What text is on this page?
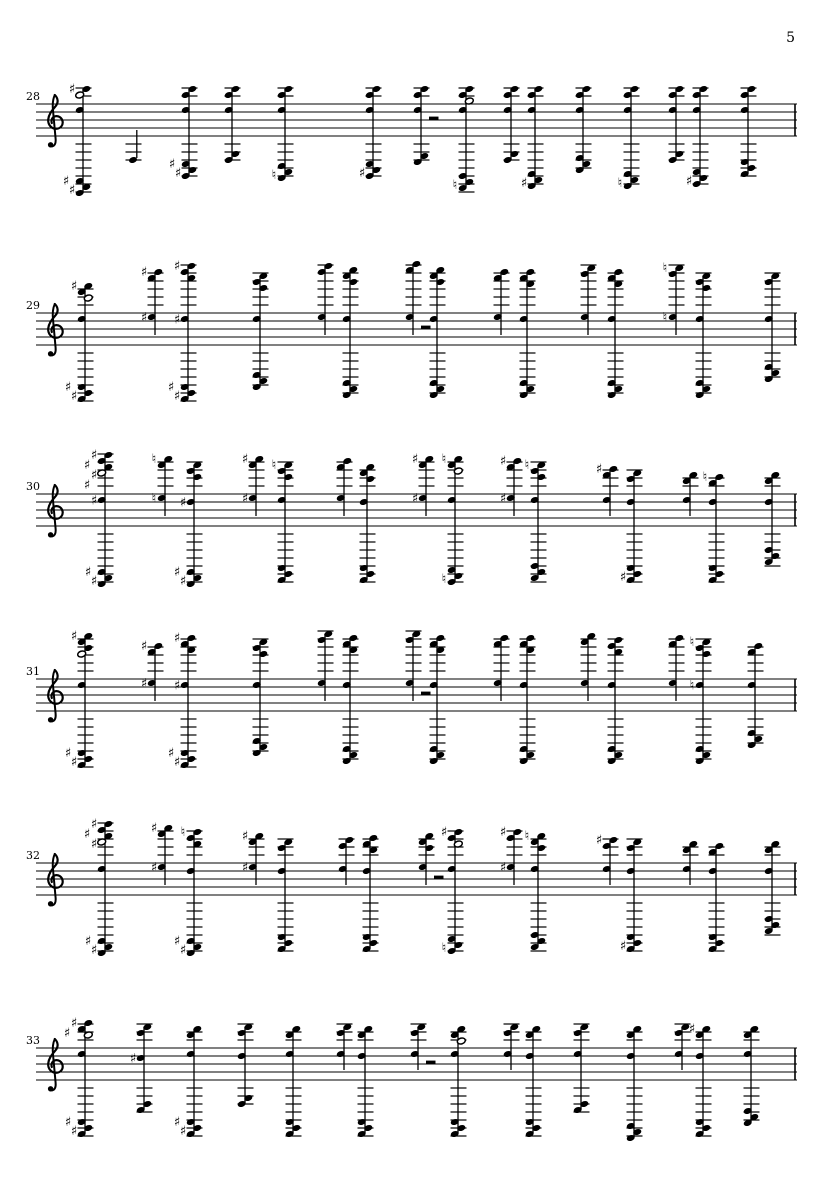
5
28 ♯
♯
♯
♯
♯
♮	♯
♮	♯	♮	♯
29
♯
♯
♯
♯
♯
♯
♯
♯
♯
♮
♮
30
♯
♯
♯
♯
♯
♯
♯
♮
♮ ♯
♯
♯
♯
♯
♮	♯
♯
♮
♮
♯
♯
♮	♯
♯
♮
31
♯
♯
♯
♯
♯
♯
♯
♯
♯
♮
♮
32
♯
♯
♯
♯
♯
♯
♯
♮
♯
♯
♯
♯
♯
♮
♯
♯
♮	♯
♯
33
♯
♯
♯
♯
♯
♯
♯
♯
